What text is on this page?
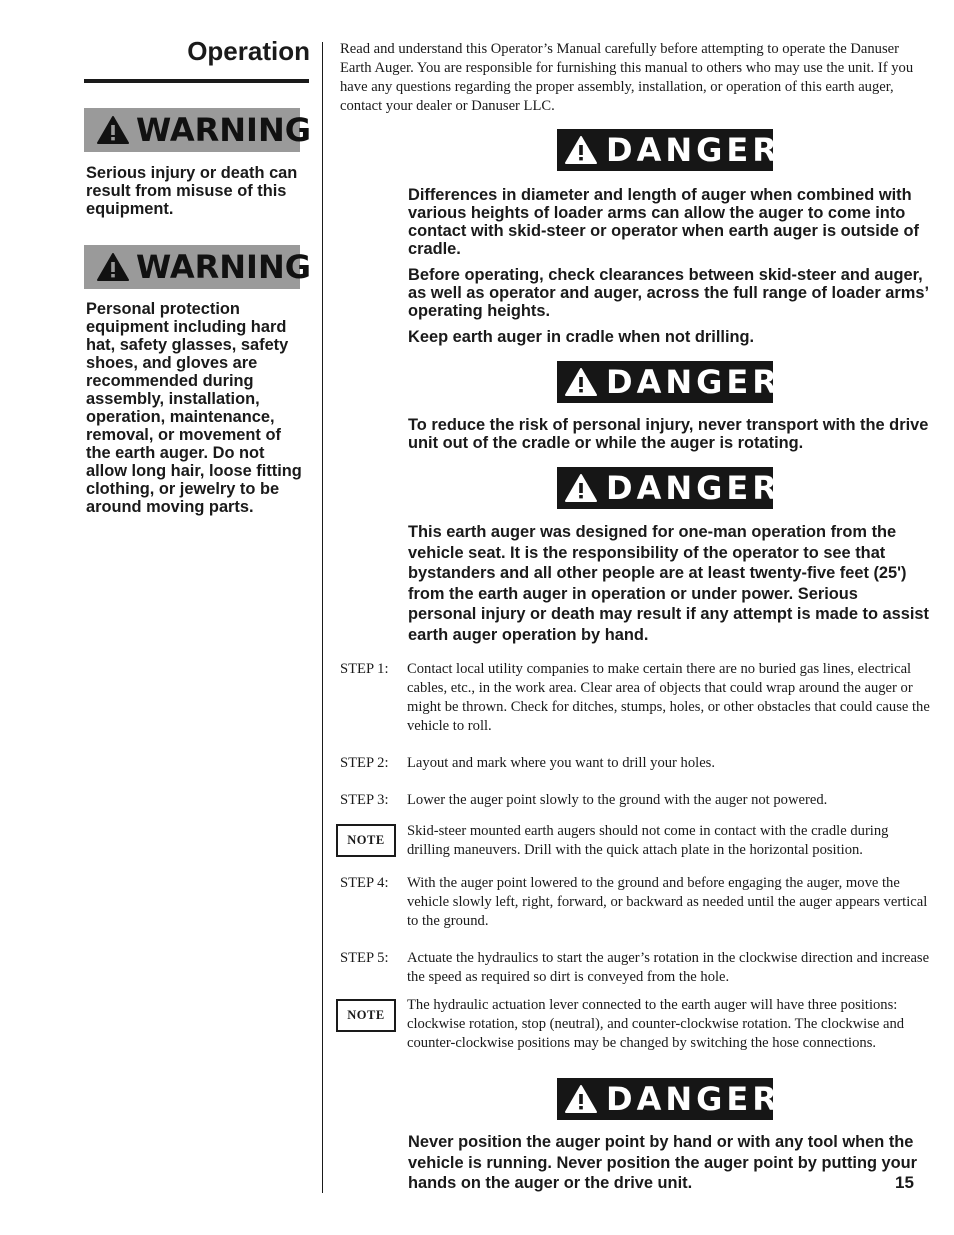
Operation
WARNING
Serious injury or death can result from misuse of this equipment.
WARNING
Personal protection equipment including hard hat, safety glasses, safety shoes, and gloves are recommended during assembly, installation, operation, maintenance, removal, or movement of the earth auger. Do not allow long hair, loose fitting clothing, or jewelry to be around moving parts.
Read and understand this Operator’s Manual carefully before attempting to operate the Danuser Earth Auger. You are responsible for furnishing this manual to others who may use the unit. If you have any questions regarding the proper assembly, installation, or operation of this earth auger, contact your dealer or Danuser LLC.
DANGER

Differences in diameter and length of auger when combined with various heights of loader arms can allow the auger to come into contact with skid-steer or operator when earth auger is outside of cradle.

Before operating, check clearances between skid-steer and auger, as well as operator and auger, across the full range of loader arms’ operating heights.

Keep earth auger in cradle when not drilling.

DANGER
To reduce the risk of personal injury, never transport with the drive unit out of the cradle or while the auger is rotating.
DANGER
This earth auger was designed for one-man operation from the vehicle seat. It is the responsibility of the operator to see that bystanders and all other people are at least twenty-five feet (25') from the earth auger in operation or under power. Serious personal injury or death may result if any attempt is made to assist earth auger operation by hand.
STEP 1: Contact local utility companies to make certain there are no buried gas lines, electrical cables, etc., in the work area. Clear area of objects that could wrap around the auger or might be thrown. Check for ditches, stumps, holes, or other obstacles that could cause the vehicle to roll.
STEP 2: Layout and mark where you want to drill your holes.
STEP 3: Lower the auger point slowly to the ground with the auger not powered.
NOTE
Skid-steer mounted earth augers should not come in contact with the cradle during drilling maneuvers. Drill with the quick attach plate in the horizontal position.
STEP 4: With the auger point lowered to the ground and before engaging the auger, move the vehicle slowly left, right, forward, or backward as needed until the auger appears vertical to the ground.
STEP 5: Actuate the hydraulics to start the auger’s rotation in the clockwise direction and increase the speed as required so dirt is conveyed from the hole.
NOTE
The hydraulic actuation lever connected to the earth auger will have three positions: clockwise rotation, stop (neutral), and counter-clockwise rotation. The clockwise and counter-clockwise positions may be changed by switching the hose connections.
DANGER
Never position the auger point by hand or with any tool when the vehicle is running. Never position the auger point by putting your hands on the auger or the drive unit.	15
